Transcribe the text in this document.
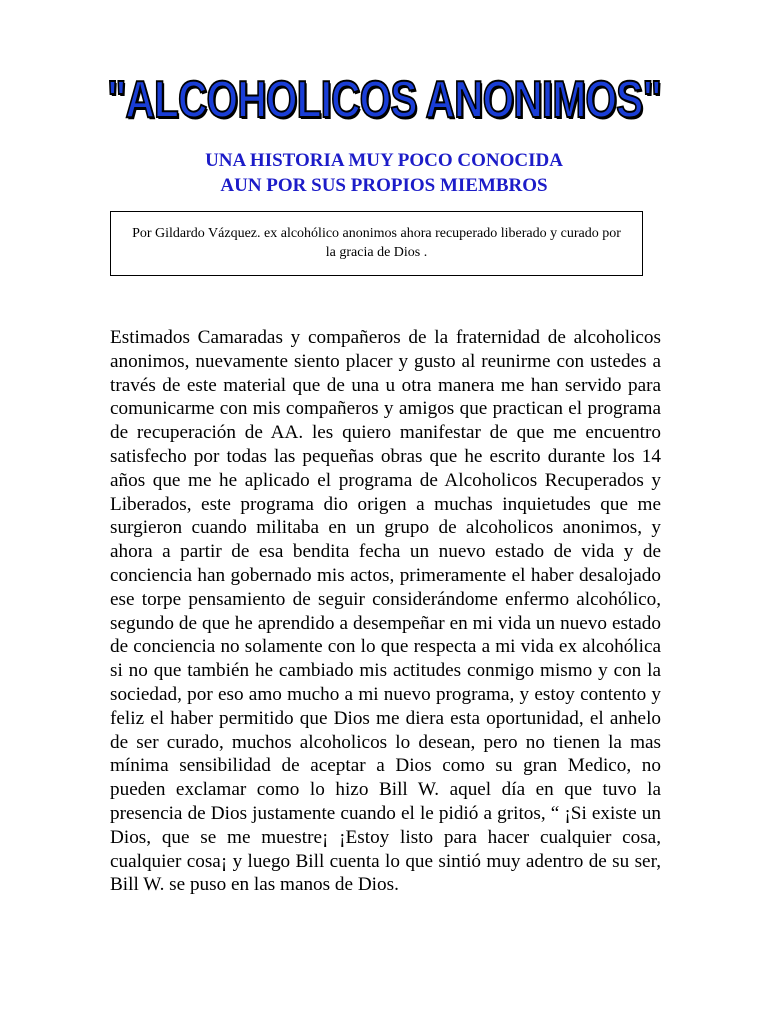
"ALCOHOLICOS ANONIMOS"
UNA HISTORIA MUY POCO CONOCIDA
AUN POR SUS PROPIOS MIEMBROS
Por Gildardo Vázquez. ex alcohólico anonimos ahora recuperado liberado y curado por la gracia de Dios .

Estimados Camaradas y compañeros de la fraternidad de alcoholicos anonimos, nuevamente siento placer y gusto al reunirme con ustedes a través de este material que de una u otra manera me han servido para comunicarme con mis compañeros y amigos que practican el programa de recuperación de AA. les quiero manifestar de que me encuentro satisfecho por todas las pequeñas obras que he escrito durante los 14 años que me he aplicado el programa de Alcoholicos Recuperados y Liberados, este programa dio origen a muchas inquietudes que me surgieron cuando militaba en un grupo de alcoholicos anonimos, y ahora a partir de esa bendita fecha un nuevo estado de vida y de conciencia han gobernado mis actos, primeramente el haber desalojado ese torpe pensamiento de seguir considerándome enfermo alcohólico, segundo de que he aprendido a desempeñar en mi vida un nuevo estado de conciencia no solamente con lo que respecta a mi vida ex alcohólica si no que también he cambiado mis actitudes conmigo mismo y con la sociedad, por eso amo mucho a mi nuevo programa, y estoy contento y feliz el haber permitido que Dios me diera esta oportunidad, el anhelo de ser curado, muchos alcoholicos lo desean, pero no tienen la mas mínima sensibilidad de aceptar a Dios como su gran Medico, no pueden exclamar como lo hizo Bill W. aquel día en que tuvo la presencia de Dios justamente cuando el le pidió a gritos, “ ¡Si existe un Dios, que se me muestre¡ ¡Estoy listo para hacer cualquier cosa, cualquier cosa¡ y luego Bill cuenta lo que sintió muy adentro de su ser, Bill W. se puso en las manos de Dios.
